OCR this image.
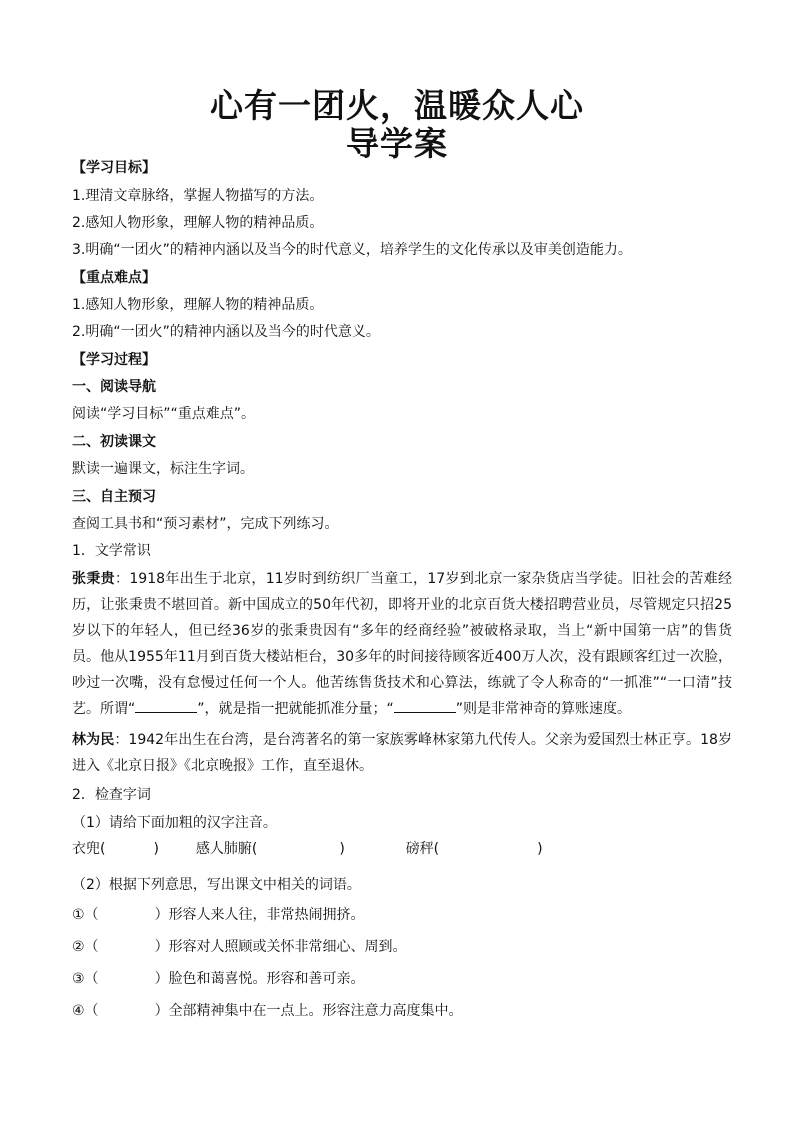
心有一团火，温暖众人心
导学案
【学习目标】
1.理清文章脉络，掌握人物描写的方法。
2.感知人物形象，理解人物的精神品质。
3.明确“一团火”的精神内涵以及当今的时代意义，培养学生的文化传承以及审美创造能力。
【重点难点】
1.感知人物形象，理解人物的精神品质。
2.明确“一团火”的精神内涵以及当今的时代意义。
【学习过程】
一、阅读导航
阅读“学习目标”“重点难点”。
二、初读课文
默读一遍课文，标注生字词。
三、自主预习
查阅工具书和“预习素材”，完成下列练习。
1．文学常识
张秉贵：1918年出生于北京，11岁时到纺织厂当童工，17岁到北京一家杂货店当学徒。旧社会的苦难经历，让张秉贵不堪回首。新中国成立的50年代初，即将开业的北京百货大楼招聘营业员，尽管规定只招25岁以下的年轻人，但已经36岁的张秉贵因有“多年的经商经验”被破格录取，当上“新中国第一店”的售货员。他从1955年11月到百货大楼站柜台，30多年的时间接待顾客近400万人次，没有跟顾客红过一次脸，吵过一次嘴，没有怠慢过任何一个人。他苦练售货技术和心算法，练就了令人称奇的“一抓准”“一口清”技艺。所谓“	”，就是指一把就能抓准分量；“	”则是非常神奇的算账速度。
林为民：1942年出生在台湾，是台湾著名的第一家族雾峰林家第九代传人。父亲为爱国烈士林正亨。18岁进入《北京日报》《北京晚报》工作，直至退休。
2．检查字词
（1）请给下面加粗的汉字注音。
衣兜(	)	感人肺腑(	)	磅秤(	)
（2）根据下列意思，写出课文中相关的词语。
①（	）形容人来人往，非常热闹拥挤。
②（	）形容对人照顾或关怀非常细心、周到。
③（	）脸色和蔼喜悦。形容和善可亲。
④（	）全部精神集中在一点上。形容注意力高度集中。
